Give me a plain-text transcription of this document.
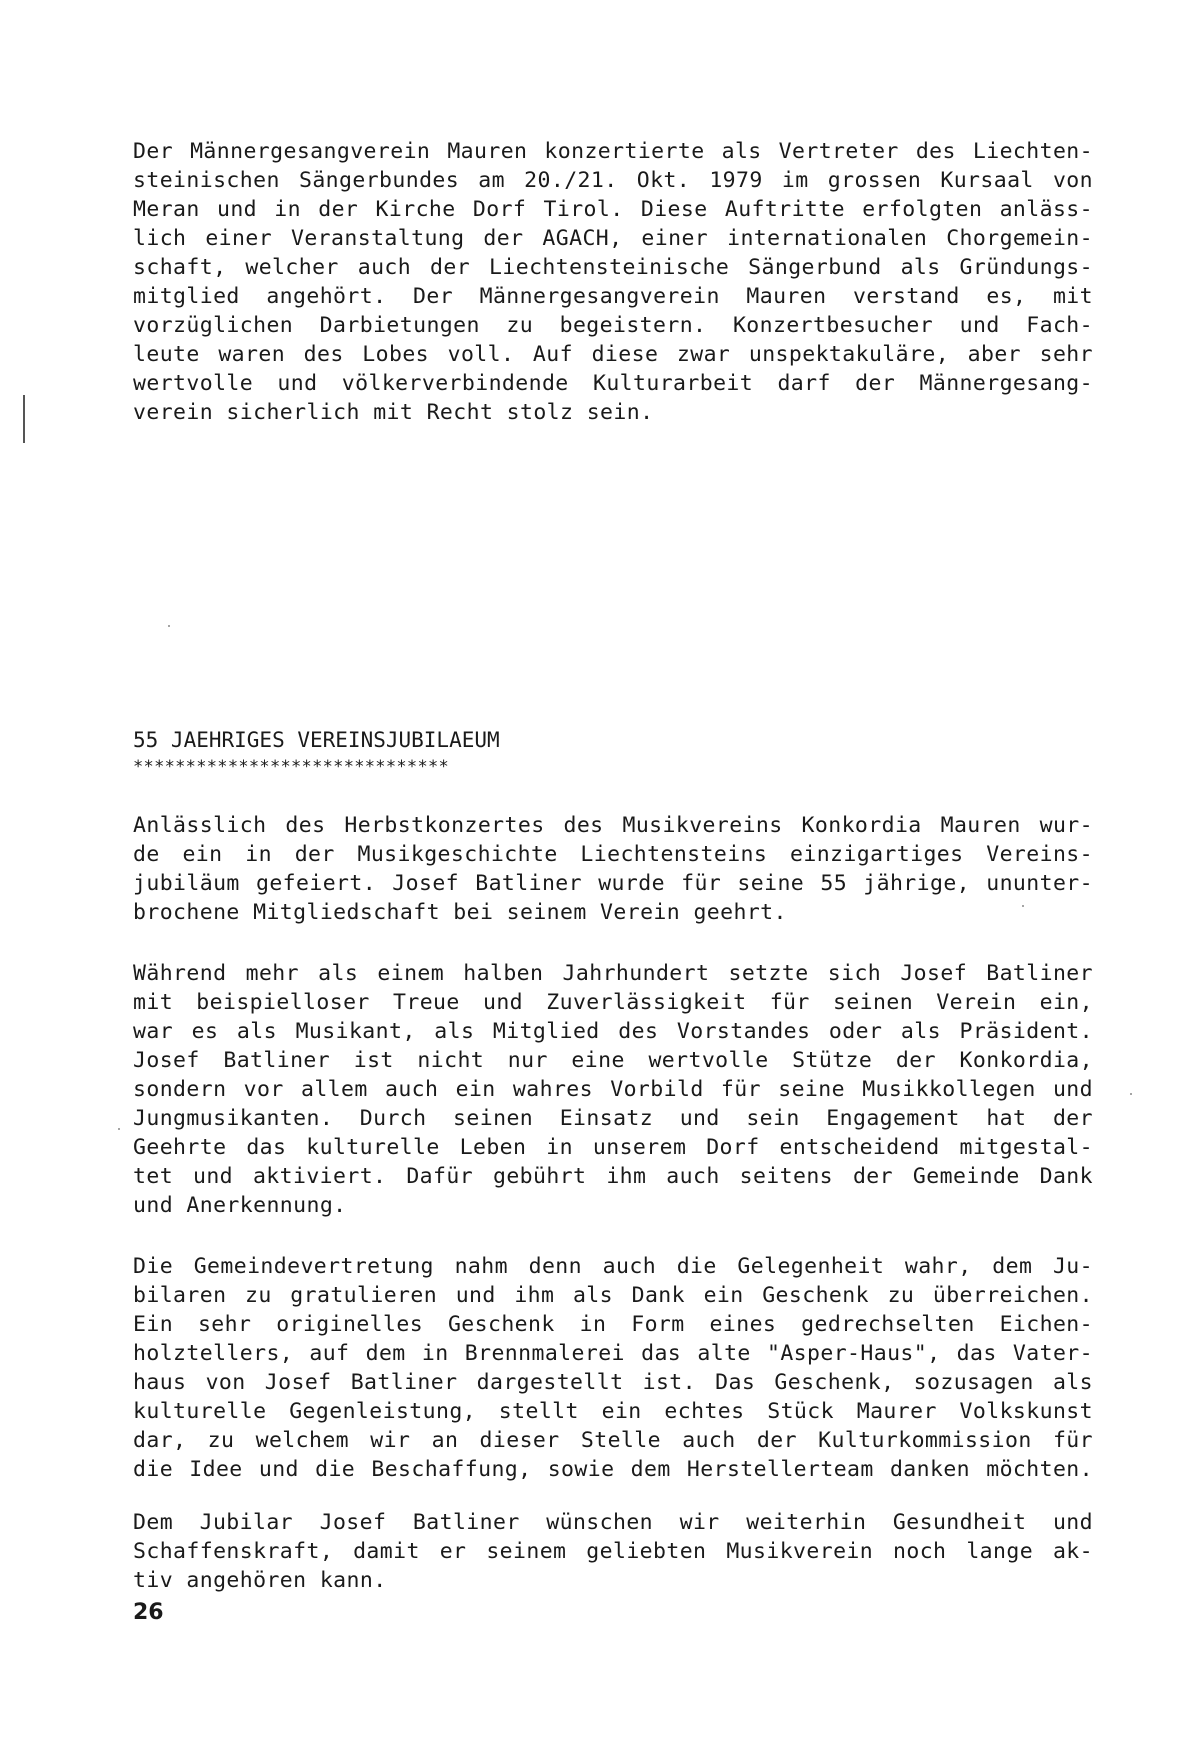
Der Männergesangverein Mauren konzertierte als Vertreter des Liechten-
steinischen Sängerbundes am 20./21. Okt. 1979 im grossen Kursaal von
Meran und in der Kirche Dorf Tirol. Diese Auftritte erfolgten anläss-
lich einer Veranstaltung der AGACH, einer internationalen Chorgemein-
schaft, welcher auch der Liechtensteinische Sängerbund als Gründungs-
mitglied angehört. Der Männergesangverein Mauren verstand es, mit
vorzüglichen Darbietungen zu begeistern. Konzertbesucher und Fach-
leute waren des Lobes voll. Auf diese zwar unspektakuläre, aber sehr
wertvolle und völkerverbindende Kulturarbeit darf der Männergesang-
verein sicherlich mit Recht stolz sein.
55 JAEHRIGES VEREINSJUBILAEUM
******************************
Anlässlich des Herbstkonzertes des Musikvereins Konkordia Mauren wur-
de ein in der Musikgeschichte Liechtensteins einzigartiges Vereins-
jubiläum gefeiert. Josef Batliner wurde für seine 55 jährige, ununter-
brochene Mitgliedschaft bei seinem Verein geehrt.
Während mehr als einem halben Jahrhundert setzte sich Josef Batliner
mit beispielloser Treue und Zuverlässigkeit für seinen Verein ein,
war es als Musikant, als Mitglied des Vorstandes oder als Präsident.
Josef Batliner ist nicht nur eine wertvolle Stütze der Konkordia,
sondern vor allem auch ein wahres Vorbild für seine Musikkollegen und
Jungmusikanten. Durch seinen Einsatz und sein Engagement hat der
Geehrte das kulturelle Leben in unserem Dorf entscheidend mitgestal-
tet und aktiviert. Dafür gebührt ihm auch seitens der Gemeinde Dank
und Anerkennung.
Die Gemeindevertretung nahm denn auch die Gelegenheit wahr, dem Ju-
bilaren zu gratulieren und ihm als Dank ein Geschenk zu überreichen.
Ein sehr originelles Geschenk in Form eines gedrechselten Eichen-
holztellers, auf dem in Brennmalerei das alte "Asper-Haus", das Vater-
haus von Josef Batliner dargestellt ist. Das Geschenk, sozusagen als
kulturelle Gegenleistung, stellt ein echtes Stück Maurer Volkskunst
dar, zu welchem wir an dieser Stelle auch der Kulturkommission für
die Idee und die Beschaffung, sowie dem Herstellerteam danken möchten.
Dem Jubilar Josef Batliner wünschen wir weiterhin Gesundheit und
Schaffenskraft, damit er seinem geliebten Musikverein noch lange ak-
tiv angehören kann.
26
